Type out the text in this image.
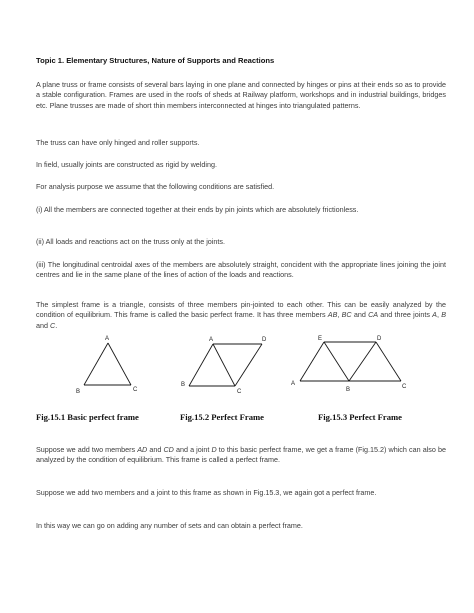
Topic 1. Elementary Structures, Nature of Supports and Reactions
A plane truss or frame consists of several bars laying in one plane and connected by hinges or pins at their ends so as to provide a stable configuration. Frames are used in the roofs of sheds at Railway platform, workshops and in industrial buildings, bridges etc. Plane trusses are made of short thin members interconnected at hinges into triangulated patterns.
The truss can have only hinged and roller supports.
In field, usually joints are constructed as rigid by welding.
For analysis purpose we assume that the following conditions are satisfied.
(i) All the members are connected together at their ends by pin joints which are absolutely frictionless.
(ii) All loads and reactions act on the truss only at the joints.
(iii) The longitudinal centroidal axes of the members are absolutely straight, concident with the appropriate lines joining the joint centres and lie in the same plane of the lines of action of the loads and reactions.
The simplest frame is a triangle, consists of three members pin-jointed to each other. This can be easily analyzed by the condition of equilibrium. This frame is called the basic perfect frame. It has three members AB, BC and CA and three joints A, B and C.
A
B	C
A
B
C
D	E	D
A
B	C
Fig.15.1 Basic perfect frame	Fig.15.2 Perfect Frame	Fig.15.3 Perfect Frame
Suppose we add two members AD and CD and a joint D to this basic perfect frame, we get a frame (Fig.15.2) which can also be analyzed by the condition of equilibrium. This frame is called a perfect frame.
Suppose we add two members and a joint to this frame as shown in Fig.15.3, we again got a perfect frame.
In this way we can go on adding any number of sets and can obtain a perfect frame.
